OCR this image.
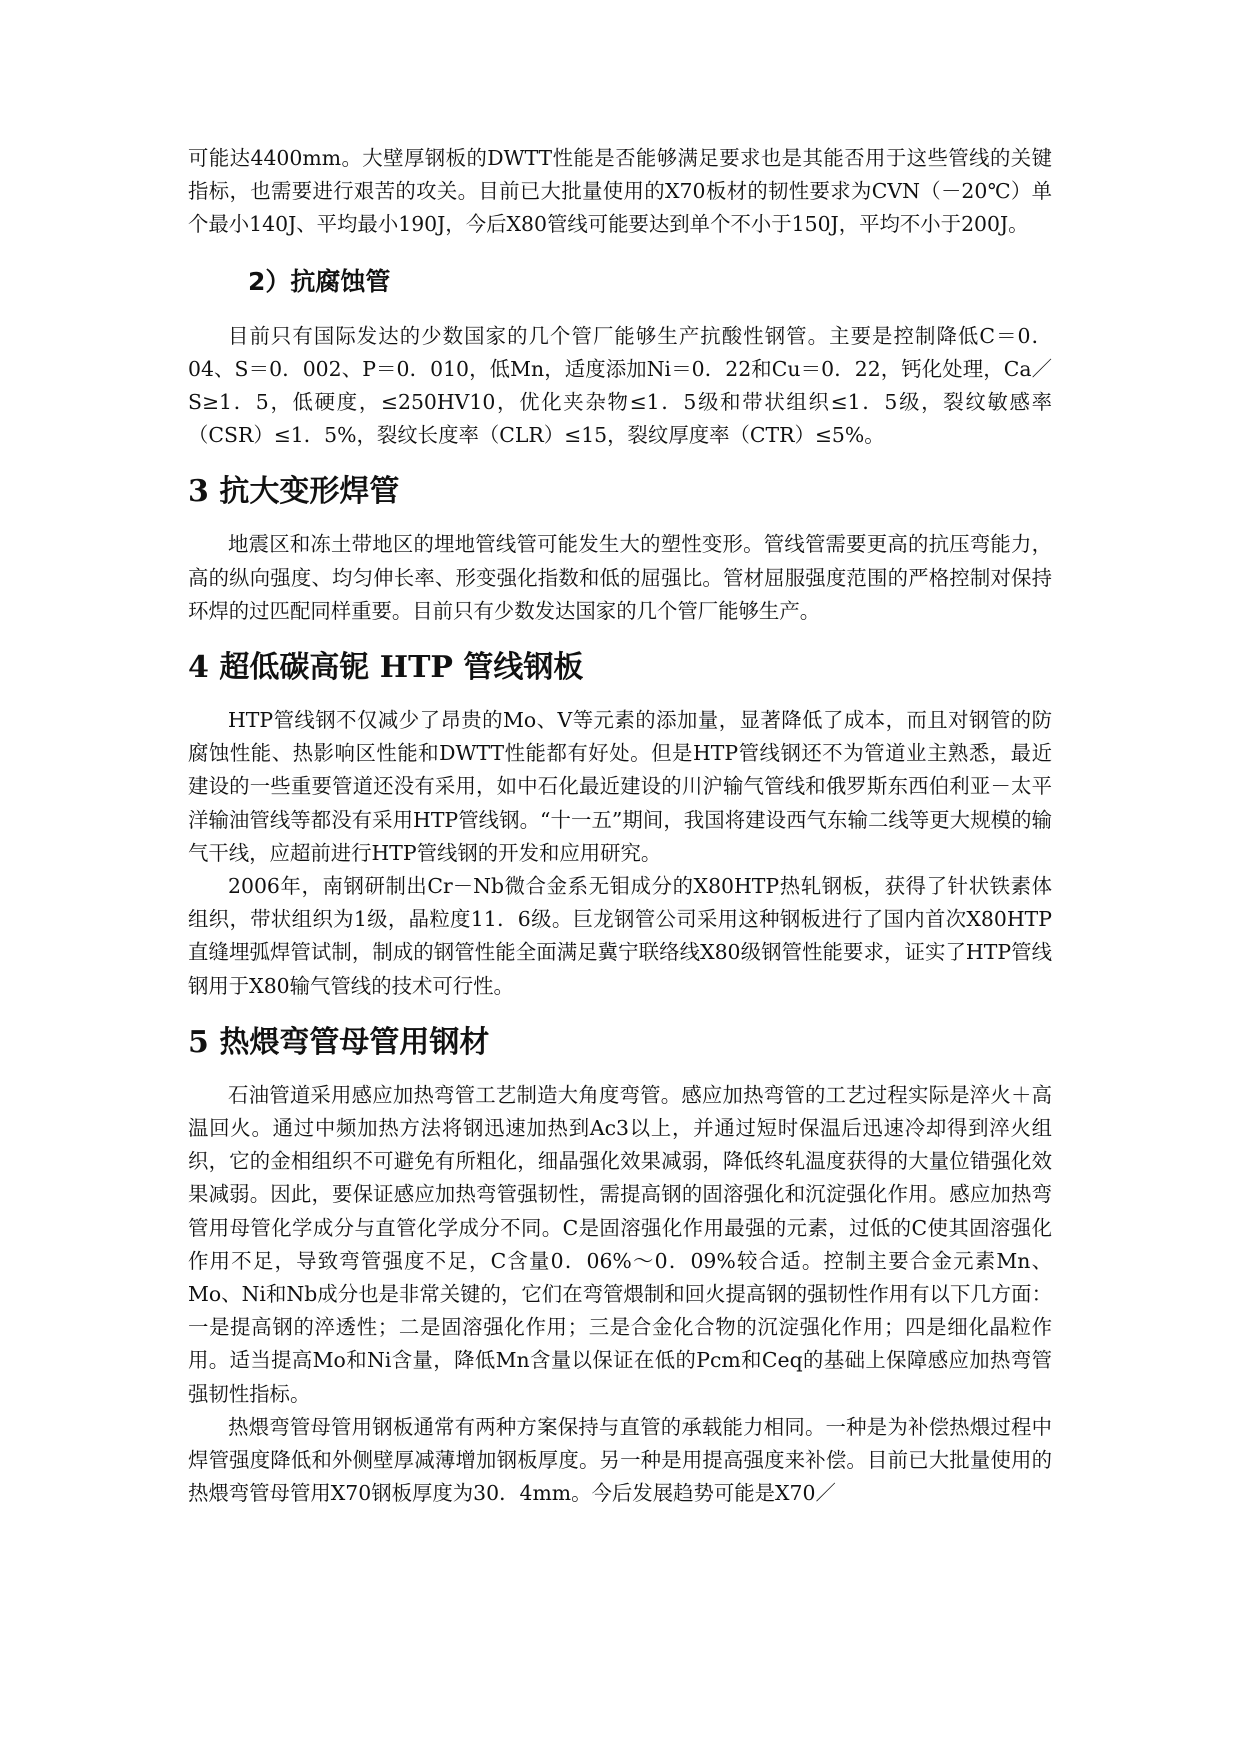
可能达4400mm。大壁厚钢板的DWTT性能是否能够满足要求也是其能否用于这些管线的关键指标，也需要进行艰苦的攻关。目前已大批量使用的X70板材的韧性要求为CVN（－20℃）单个最小140J、平均最小190J，今后X80管线可能要达到单个不小于150J，平均不小于200J。

2）抗腐蚀管

目前只有国际发达的少数国家的几个管厂能够生产抗酸性钢管。主要是控制降低C＝0．04、S＝0．002、P＝0．010，低Mn，适度添加Ni＝0．22和Cu＝0．22，钙化处理，Ca／S≥1．5，低硬度，≤250HV10，优化夹杂物≤1．5级和带状组织≤1．5级，裂纹敏感率（CSR）≤1．5%，裂纹长度率（CLR）≤15，裂纹厚度率（CTR）≤5%。

3 抗大变形焊管

地震区和冻土带地区的埋地管线管可能发生大的塑性变形。管线管需要更高的抗压弯能力，高的纵向强度、均匀伸长率、形变强化指数和低的屈强比。管材屈服强度范围的严格控制对保持环焊的过匹配同样重要。目前只有少数发达国家的几个管厂能够生产。

4 超低碳高铌 HTP 管线钢板

HTP管线钢不仅减少了昂贵的Mo、V等元素的添加量，显著降低了成本，而且对钢管的防腐蚀性能、热影响区性能和DWTT性能都有好处。但是HTP管线钢还不为管道业主熟悉，最近建设的一些重要管道还没有采用，如中石化最近建设的川沪输气管线和俄罗斯东西伯利亚－太平洋输油管线等都没有采用HTP管线钢。“十一五”期间，我国将建设西气东输二线等更大规模的输气干线，应超前进行HTP管线钢的开发和应用研究。

2006年，南钢研制出Cr－Nb微合金系无钼成分的X80HTP热轧钢板，获得了针状铁素体组织，带状组织为1级，晶粒度11．6级。巨龙钢管公司采用这种钢板进行了国内首次X80HTP直缝埋弧焊管试制，制成的钢管性能全面满足冀宁联络线X80级钢管性能要求，证实了HTP管线钢用于X80输气管线的技术可行性。

5 热煨弯管母管用钢材

石油管道采用感应加热弯管工艺制造大角度弯管。感应加热弯管的工艺过程实际是淬火＋高温回火。通过中频加热方法将钢迅速加热到Ac3以上，并通过短时保温后迅速冷却得到淬火组织，它的金相组织不可避免有所粗化，细晶强化效果减弱，降低终轧温度获得的大量位错强化效果减弱。因此，要保证感应加热弯管强韧性，需提高钢的固溶强化和沉淀强化作用。感应加热弯管用母管化学成分与直管化学成分不同。C是固溶强化作用最强的元素，过低的C使其固溶强化作用不足，导致弯管强度不足，C含量0．06%～0．09%较合适。控制主要合金元素Mn、Mo、Ni和Nb成分也是非常关键的，它们在弯管煨制和回火提高钢的强韧性作用有以下几方面：一是提高钢的淬透性；二是固溶强化作用；三是合金化合物的沉淀强化作用；四是细化晶粒作用。适当提高Mo和Ni含量，降低Mn含量以保证在低的Pcm和Ceq的基础上保障感应加热弯管强韧性指标。

热煨弯管母管用钢板通常有两种方案保持与直管的承载能力相同。一种是为补偿热煨过程中焊管强度降低和外侧壁厚减薄增加钢板厚度。另一种是用提高强度来补偿。目前已大批量使用的热煨弯管母管用X70钢板厚度为30．4mm。今后发展趋势可能是X70／
